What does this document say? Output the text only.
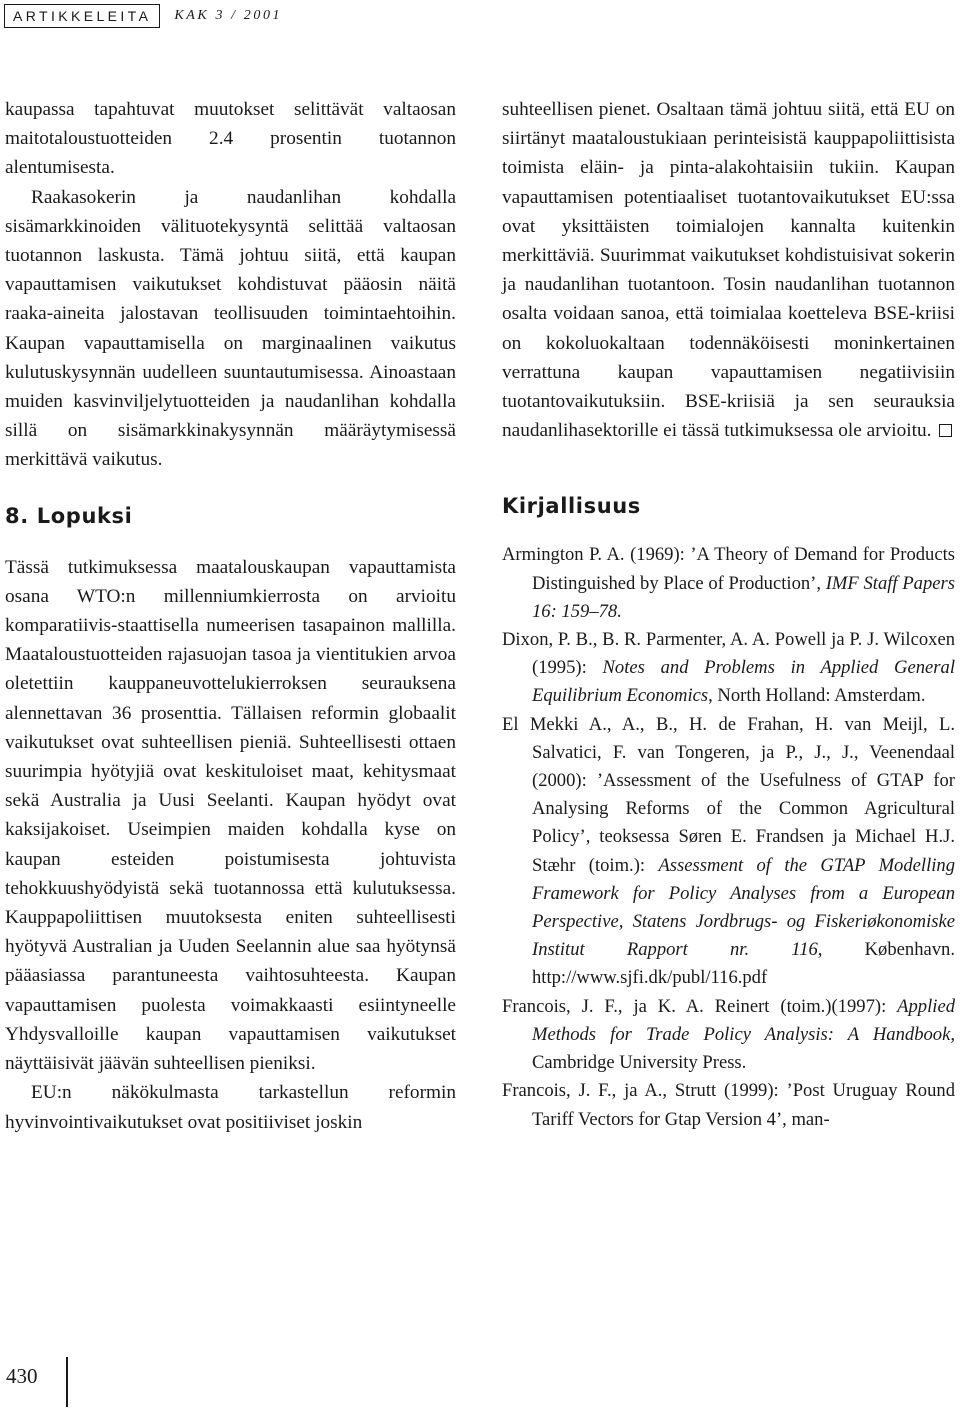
ARTIKKELEITA	KAK 3 / 2001

kaupassa tapahtuvat muutokset selittävät valtaosan maitotaloustuotteiden 2.4 prosentin tuotannon alentumisesta.

Raakasokerin ja naudanlihan kohdalla sisämarkkinoiden välituotekysyntä selittää valtaosan tuotannon laskusta. Tämä johtuu siitä, että kaupan vapauttamisen vaikutukset kohdistuvat pääosin näitä raaka-aineita jalostavan teollisuuden toimintaehtoihin. Kaupan vapauttamisella on marginaalinen vaikutus kulutuskysynnän uudelleen suuntautumisessa. Ainoastaan muiden kasvinviljelytuotteiden ja naudanlihan kohdalla sillä on sisämarkkinakysynnän määräytymisessä merkittävä vaikutus.

8. Lopuksi

Tässä tutkimuksessa maatalouskaupan vapauttamista osana WTO:n millenniumkierrosta on arvioitu komparatiivis-staattisella numeerisen tasapainon mallilla. Maataloustuotteiden rajasuojan tasoa ja vientitukien arvoa oletettiin kauppaneuvottelukierroksen seurauksena alennettavan 36 prosenttia. Tällaisen reformin globaalit vaikutukset ovat suhteellisen pieniä. Suhteellisesti ottaen suurimpia hyötyjiä ovat keskituloiset maat, kehitysmaat sekä Australia ja Uusi Seelanti. Kaupan hyödyt ovat kaksijakoiset. Useimpien maiden kohdalla kyse on kaupan esteiden poistumisesta johtuvista tehokkuushyödyistä sekä tuotannossa että kulutuksessa. Kauppapoliittisen muutoksesta eniten suhteellisesti hyötyvä Australian ja Uuden Seelannin alue saa hyötynsä pääasiassa parantuneesta vaihtosuhteesta. Kaupan vapauttamisen puolesta voimakkaasti esiintyneelle Yhdysvalloille kaupan vapauttamisen vaikutukset näyttäisivät jäävän suhteellisen pieniksi.

EU:n näkökulmasta tarkastellun reformin hyvinvointivaikutukset ovat positiiviset joskin

suhteellisen pienet. Osaltaan tämä johtuu siitä, että EU on siirtänyt maataloustukiaan perinteisistä kauppapoliittisista toimista eläin- ja pinta-alakohtaisiin tukiin. Kaupan vapauttamisen potentiaaliset tuotantovaikutukset EU:ssa ovat yksittäisten toimialojen kannalta kuitenkin merkittäviä. Suurimmat vaikutukset kohdistuisivat sokerin ja naudanlihan tuotantoon. Tosin naudanlihan tuotannon osalta voidaan sanoa, että toimialaa koetteleva BSE-kriisi on kokoluokaltaan todennäköisesti moninkertainen verrattuna kaupan vapauttamisen negatiivisiin tuotantovaikutuksiin. BSE-kriisiä ja sen seurauksia naudanlihasektorille ei tässä tutkimuksessa ole arvioitu.

Kirjallisuus

Armington P. A. (1969): ’A Theory of Demand for Products Distinguished by Place of Production’, IMF Staff Papers 16: 159–78.

Dixon, P. B., B. R. Parmenter, A. A. Powell ja P. J. Wilcoxen (1995): Notes and Problems in Applied General Equilibrium Economics, North Holland: Amsterdam.

El Mekki A., A., B., H. de Frahan, H. van Meijl, L. Salvatici, F. van Tongeren, ja P., J., J., Veenendaal (2000): ’Assessment of the Usefulness of GTAP for Analysing Reforms of the Common Agricultural Policy’, teoksessa Søren E. Frandsen ja Michael H.J. Stæhr (toim.): Assessment of the GTAP Modelling Framework for Policy Analyses from a European Perspective, Statens Jordbrugs- og Fiskeriøkonomiske Institut Rapport nr. 116, København. http://www.sjfi.dk/publ/116.pdf

Francois, J. F., ja K. A. Reinert (toim.)(1997): Applied Methods for Trade Policy Analysis: A Handbook, Cambridge University Press.

Francois, J. F., ja A., Strutt (1999): ’Post Uruguay Round Tariff Vectors for Gtap Version 4’, man-

430
